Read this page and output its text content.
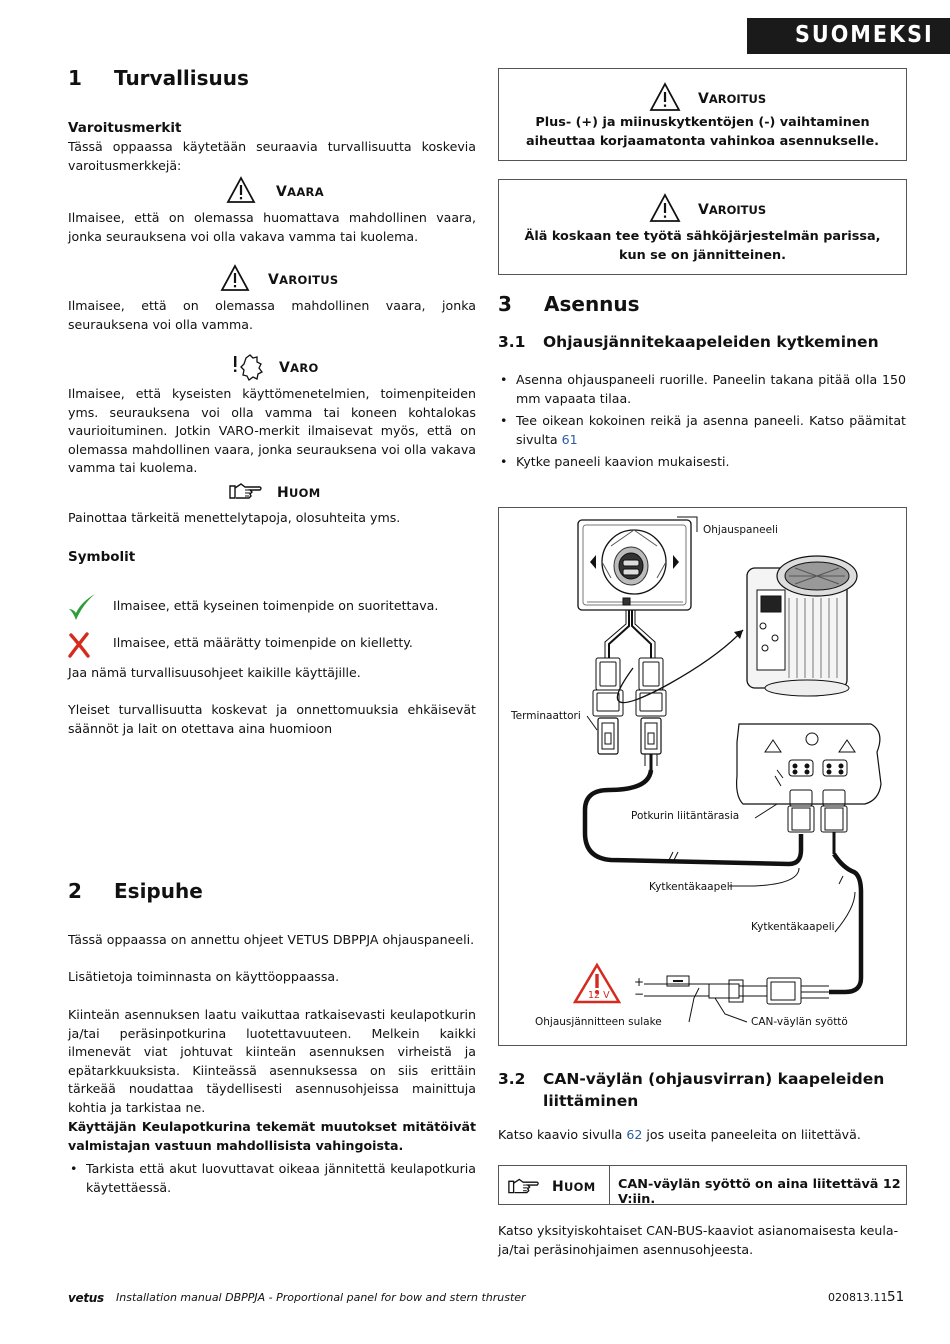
SUOMEKSI
1 Turvallisuus
Varoitusmerkit
Tässä oppaassa käytetään seuraavia turvallisuutta koskevia varoitusmerkkejä:
VAARA
Ilmaisee, että on olemassa huomattava mahdollinen vaara, jonka seurauksena voi olla vakava vamma tai kuolema.
VAROITUS
Ilmaisee, että on olemassa mahdollinen vaara, jonka seurauksena voi olla vamma.
VARO
Ilmaisee, että kyseisten käyttömenetelmien, toimenpiteiden yms. seurauksena voi olla vamma tai koneen kohtalokas vaurioituminen. Jotkin VARO-merkit ilmaisevat myös, että on olemassa mahdollinen vaara, jonka seurauksena voi olla vakava vamma tai kuolema.
HUOM
Painottaa tärkeitä menettelytapoja, olosuhteita yms.
Symbolit
Ilmaisee, että kyseinen toimenpide on suoritettava.
Ilmaisee, että määrätty toimenpide on kielletty.
Jaa nämä turvallisuusohjeet kaikille käyttäjille.
Yleiset turvallisuutta koskevat ja onnettomuuksia ehkäisevät säännöt ja lait on otettava aina huomioon
2 Esipuhe
Tässä oppaassa on annettu ohjeet VETUS DBPPJA ohjauspaneeli.
Lisätietoja toiminnasta on käyttöoppaassa.
Kiinteän asennuksen laatu vaikuttaa ratkaisevasti keulapotkurin ja/tai peräsinpotkurina luotettavuuteen. Melkein kaikki ilmenevät viat johtuvat kiinteän asennuksen virheistä ja epätarkkuuksista. Kiinteässä asennuksessa on siis erittäin tärkeää noudattaa täydellisesti asennusohjeissa mainittuja kohtia ja tarkistaa ne.
Käyttäjän Keulapotkurina tekemät muutokset mitätöivät valmistajan vastuun mahdollisista vahingoista.
• Tarkista että akut luovuttavat oikeaa jännitettä keulapotkuria käytettäessä.
VAROITUS
Plus- (+) ja miinuskytkentöjen (-) vaihtaminen aiheuttaa korjaamatonta vahinkoa asennukselle.
VAROITUS
Älä koskaan tee työtä sähköjärjestelmän parissa, kun se on jännitteinen.
3 Asennus
3.1 Ohjausjännitekaapeleiden kytkeminen
• Asenna ohjauspaneeli ruorille. Paneelin takana pitää olla 150 mm vapaata tilaa.
• Tee oikean kokoinen reikä ja asenna paneeli. Katso päämitat sivulta 61
• Kytke paneeli kaavion mukaisesti.
Ohjauspaneeli
Terminaattori
Potkurin liitäntärasia
Kytkentäkaapeli
Kytkentäkaapeli
12 V
+
−
Ohjausjännitteen sulake	CAN-väylän syöttö
3.2 CAN-väylän (ohjausvirran) kaapeleiden liittäminen
Katso kaavio sivulla 62 jos useita paneeleita on liitettävä.
HUOM CAN-väylän syöttö on aina liitettävä 12 V:iin.
Katso yksityiskohtaiset CAN-BUS-kaaviot asianomaisesta keula- ja/tai peräsinohjaimen asennusohjeesta.
vetus Installation manual DBPPJA - Proportional panel for bow and stern thruster	020813.11 51
